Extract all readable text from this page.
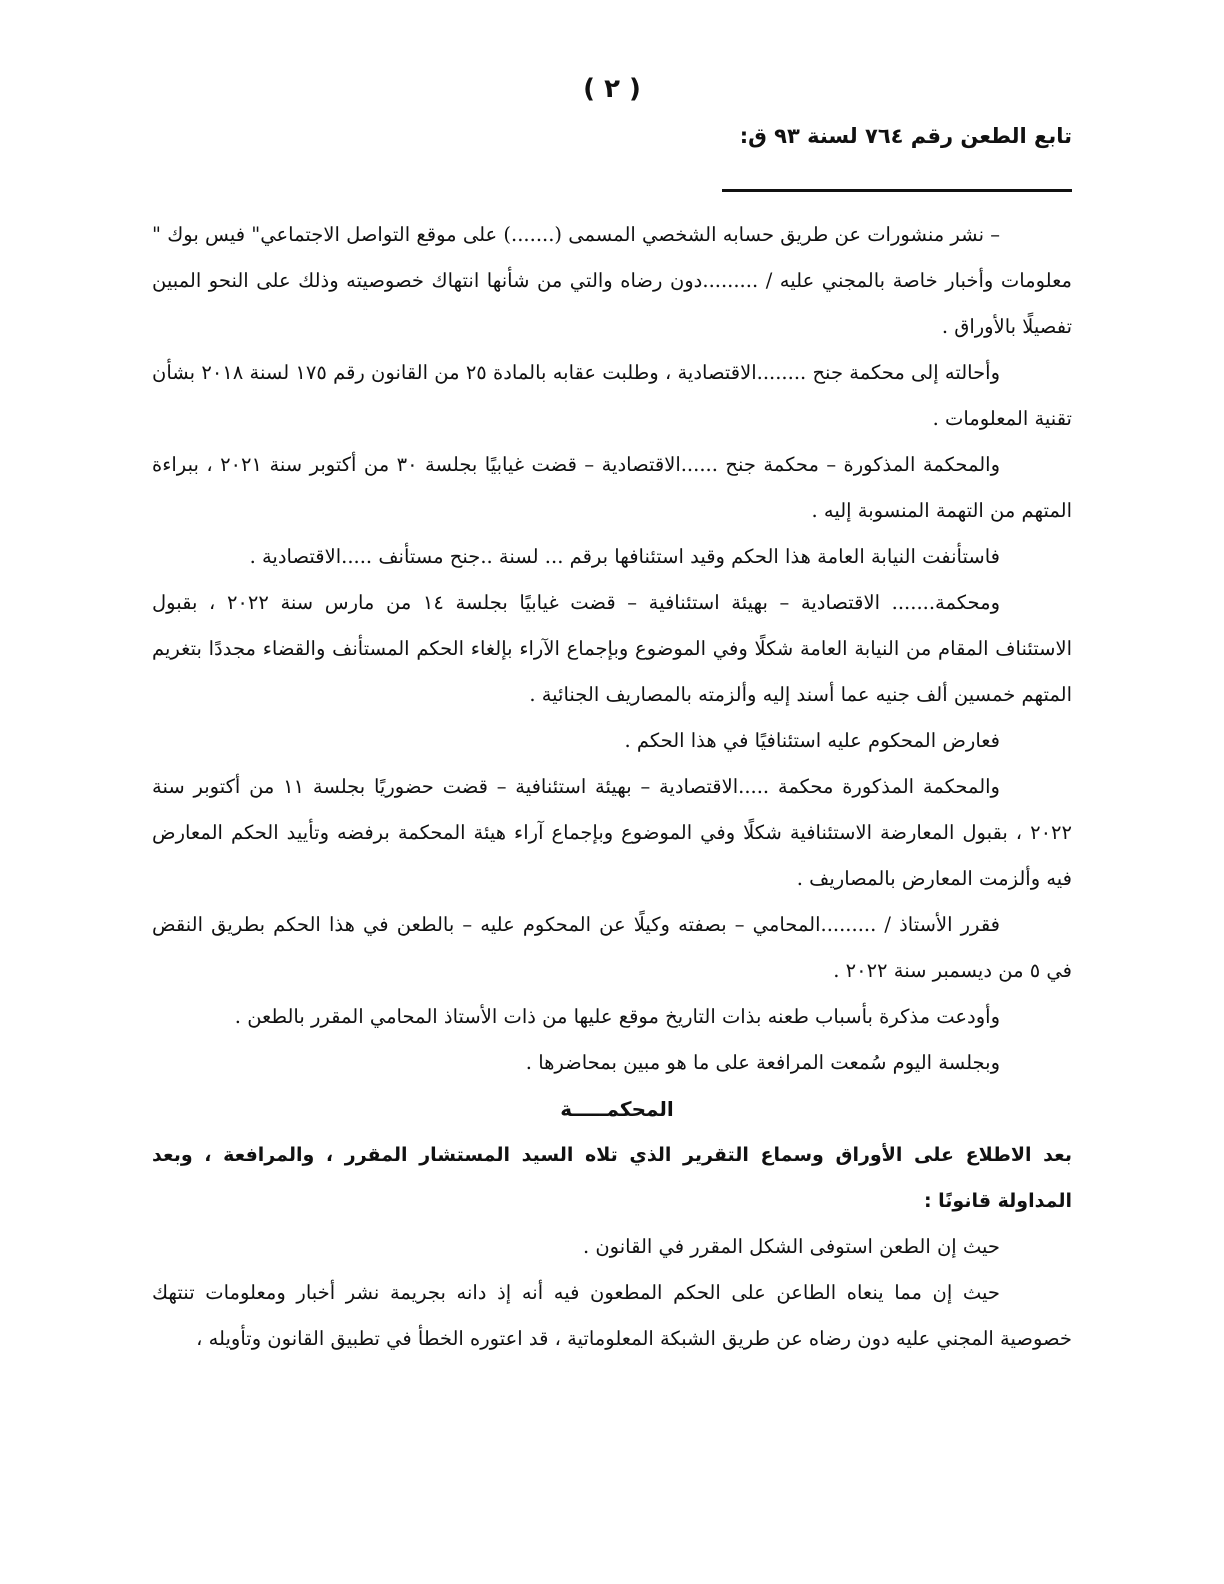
( ٢ )
تابع الطعن رقم ٧٦٤ لسنة ٩٣ ق:

– نشر منشورات عن طريق حسابه الشخصي المسمى (.......) على موقع التواصل الاجتماعي" فيس بوك " معلومات وأخبار خاصة بالمجني عليه / .........دون رضاه والتي من شأنها انتهاك خصوصيته وذلك على النحو المبين تفصيلًا بالأوراق .

وأحالته إلى محكمة جنح ........الاقتصادية ، وطلبت عقابه بالمادة ٢٥ من القانون رقم ١٧٥ لسنة ٢٠١٨ بشأن تقنية المعلومات .

والمحكمة المذكورة – محكمة جنح ......الاقتصادية – قضت غيابيًا بجلسة ٣٠ من أكتوبر سنة ٢٠٢١ ، ببراءة المتهم من التهمة المنسوبة إليه .

فاستأنفت النيابة العامة هذا الحكم وقيد استئنافها برقم ... لسنة ..جنح مستأنف .....الاقتصادية .

ومحكمة....... الاقتصادية – بهيئة استئنافية – قضت غيابيًا بجلسة ١٤ من مارس سنة ٢٠٢٢ ، بقبول الاستئناف المقام من النيابة العامة شكلًا وفي الموضوع وبإجماع الآراء بإلغاء الحكم المستأنف والقضاء مجددًا بتغريم المتهم خمسين ألف جنيه عما أسند إليه وألزمته بالمصاريف الجنائية .

فعارض المحكوم عليه استئنافيًا في هذا الحكم .

والمحكمة المذكورة محكمة .....الاقتصادية – بهيئة استئنافية – قضت حضوريًا بجلسة ١١ من أكتوبر سنة ٢٠٢٢ ، بقبول المعارضة الاستئنافية شكلًا وفي الموضوع وبإجماع آراء هيئة المحكمة برفضه وتأييد الحكم المعارض فيه وألزمت المعارض بالمصاريف .

فقرر الأستاذ / .........المحامي – بصفته وكيلًا عن المحكوم عليه – بالطعن في هذا الحكم بطريق النقض في ٥ من ديسمبر سنة ٢٠٢٢ .

وأودعت مذكرة بأسباب طعنه بذات التاريخ موقع عليها من ذات الأستاذ المحامي المقرر بالطعن .

وبجلسة اليوم سُمعت المرافعة على ما هو مبين بمحاضرها .

المحكمـــــة

بعد الاطلاع على الأوراق وسماع التقرير الذي تلاه السيد المستشار المقرر ، والمرافعة ، وبعد المداولة قانونًا :

حيث إن الطعن استوفى الشكل المقرر في القانون .

حيث إن مما ينعاه الطاعن على الحكم المطعون فيه أنه إذ دانه بجريمة نشر أخبار ومعلومات تنتهك خصوصية المجني عليه دون رضاه عن طريق الشبكة المعلوماتية ، قد اعتوره الخطأ في تطبيق القانون وتأويله ،
